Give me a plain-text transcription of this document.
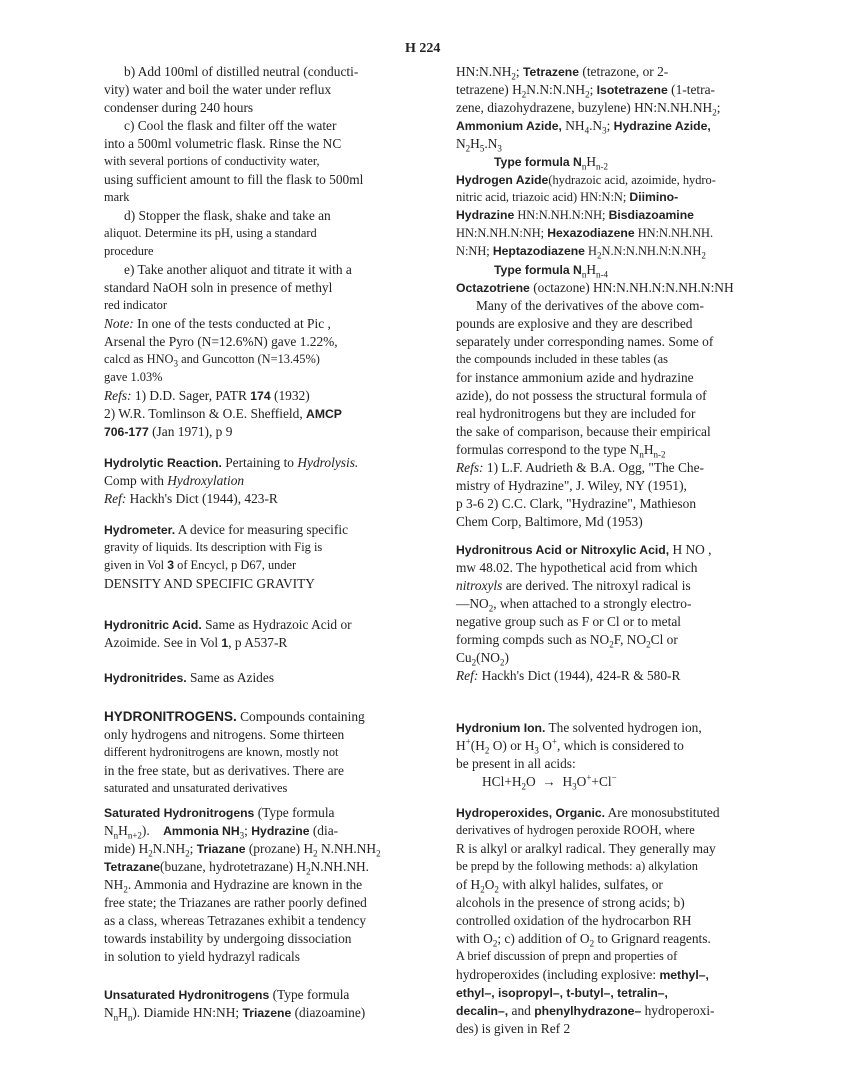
H 224
b) Add 100ml of distilled neutral (conducti-
vity) water and boil the water under reflux
condenser during 240 hours
c) Cool the flask and filter off the water
into a 500ml volumetric flask. Rinse the NC
with several portions of conductivity water,
using sufficient amount to fill the flask to 500ml
mark
d) Stopper the flask, shake and take an
aliquot. Determine its pH, using a standard
procedure
e) Take another aliquot and titrate it with a
standard NaOH soln in presence of methyl
red indicator
Note: In one of the tests conducted at Pic ,
Arsenal the Pyro (N=12.6%N) gave 1.22%,
calcd as $HNO_3$ and Guncotton (N=13.45%)
gave 1.03%
Refs: 1) D.D. Sager, PATR 174 (1932)
2) W.R. Tomlinson & O.E. Sheffield, AMCP
706-177 (Jan 1971), p 9
Hydrolytic Reaction. Pertaining to Hydrolysis.
Comp with Hydroxylation
Ref: Hackh's Dict (1944), 423-R
Hydrometer. A device for measuring specific
gravity of liquids. Its description with Fig is
given in Vol 3 of Encycl, p D67, under
DENSITY AND SPECIFIC GRAVITY
Hydronitric Acid. Same as Hydrazoic Acid or
Azoimide. See in Vol 1, p A537-R
Hydronitrides. Same as Azides
HYDRONITROGENS. Compounds containing
only hydrogens and nitrogens. Some thirteen
different hydronitrogens are known, mostly not
in the free state, but as derivatives. There are
saturated and unsaturated derivatives
Saturated Hydronitrogens (Type formula
$N_nH_{n+2}$).    Ammonia $NH_3$; Hydrazine (dia-
mide) $H_2N.NH_2$; Triazane (prozane) $H_2$ $N.NH.NH_2$
Tetrazane(buzane, hydrotetrazane) $H_2N.NH.NH$.
$NH_2$. Ammonia and Hydrazine are known in the
free state; the Triazanes are rather poorly defined
as a class, whereas Tetrazanes exhibit a tendency
towards instability by undergoing dissociation
in solution to yield hydrazyl radicals
Unsaturated Hydronitrogens (Type formula
$N_nH_n$). Diamide HN:NH; Triazene (diazoamine)
$HN:N.NH_2$; Tetrazene (tetrazone, or 2-
tetrazene) $H_2N.N:N.NH_2$; Isotetrazene (1-tetra-
zene, diazohydrazene, buzylene) $HN:N.NH.NH_2$;
Ammonium Azide, $NH_4.N_3$; Hydrazine Azide,
$N_2H_5.N_3$
Type formula $N_nH_{n-2}$
Hydrogen Azide(hydrazoic acid, azoimide, hydro-
nitric acid, triazoic acid) HN:N:N; Diimino-
Hydrazine HN:N.NH.N:NH; Bisdiazoamine
HN:N.NH.N:NH; Hexazodiazene HN:N.NH.NH.
N:NH; Heptazodiazene $H_2N.N:N.NH.N:N.NH_2$
Type formula $N_nH_{n-4}$
Octazotriene (octazone) HN:N.NH.N:N.NH.N:NH
Many of the derivatives of the above com-
pounds are explosive and they are described
separately under corresponding names. Some of
the compounds included in these tables (as
for instance ammonium azide and hydrazine
azide), do not possess the structural formula of
real hydronitrogens but they are included for
the sake of comparison, because their empirical
formulas correspond to the type $N_nH_{n-2}$
Refs: 1) L.F. Audrieth & B.A. Ogg, "The Che-
mistry of Hydrazine", J. Wiley, NY (1951),
p 3-6 2) C.C. Clark, "Hydrazine", Mathieson
Chem Corp, Baltimore, Md (1953)
Hydronitrous Acid or Nitroxylic Acid, H NO ,
mw 48.02. The hypothetical acid from which
nitroxyls are derived. The nitroxyl radical is
$—NO_2$, when attached to a strongly electro-
negative group such as F or Cl or to metal
forming compds such as $NO_2F$, $NO_2Cl$ or
$Cu_2(NO_2)$
Ref: Hackh's Dict (1944), 424-R & 580-R
Hydronium Ion. The solvented hydrogen ion,
$H^+(H_2$ O) or $H_3$ O+, which is considered to
be present in all acids:
$HCl+H_2O \to H_3O^++Cl^-$
Hydroperoxides, Organic. Are monosubstituted
derivatives of hydrogen peroxide ROOH, where
R is alkyl or aralkyl radical. They generally may
be prepd by the following methods: a) alkylation
of $H_2O_2$ with alkyl halides, sulfates, or
alcohols in the presence of strong acids; b)
controlled oxidation of the hydrocarbon RH
with $O_2$; c) addition of $O_2$ to Grignard reagents.
A brief discussion of prepn and properties of
hydroperoxides (including explosive: methyl–,
ethyl–, isopropyl–, t-butyl–, tetralin–,
decalin–, and phenylhydrazone– hydroperoxi-
des) is given in Ref 2
